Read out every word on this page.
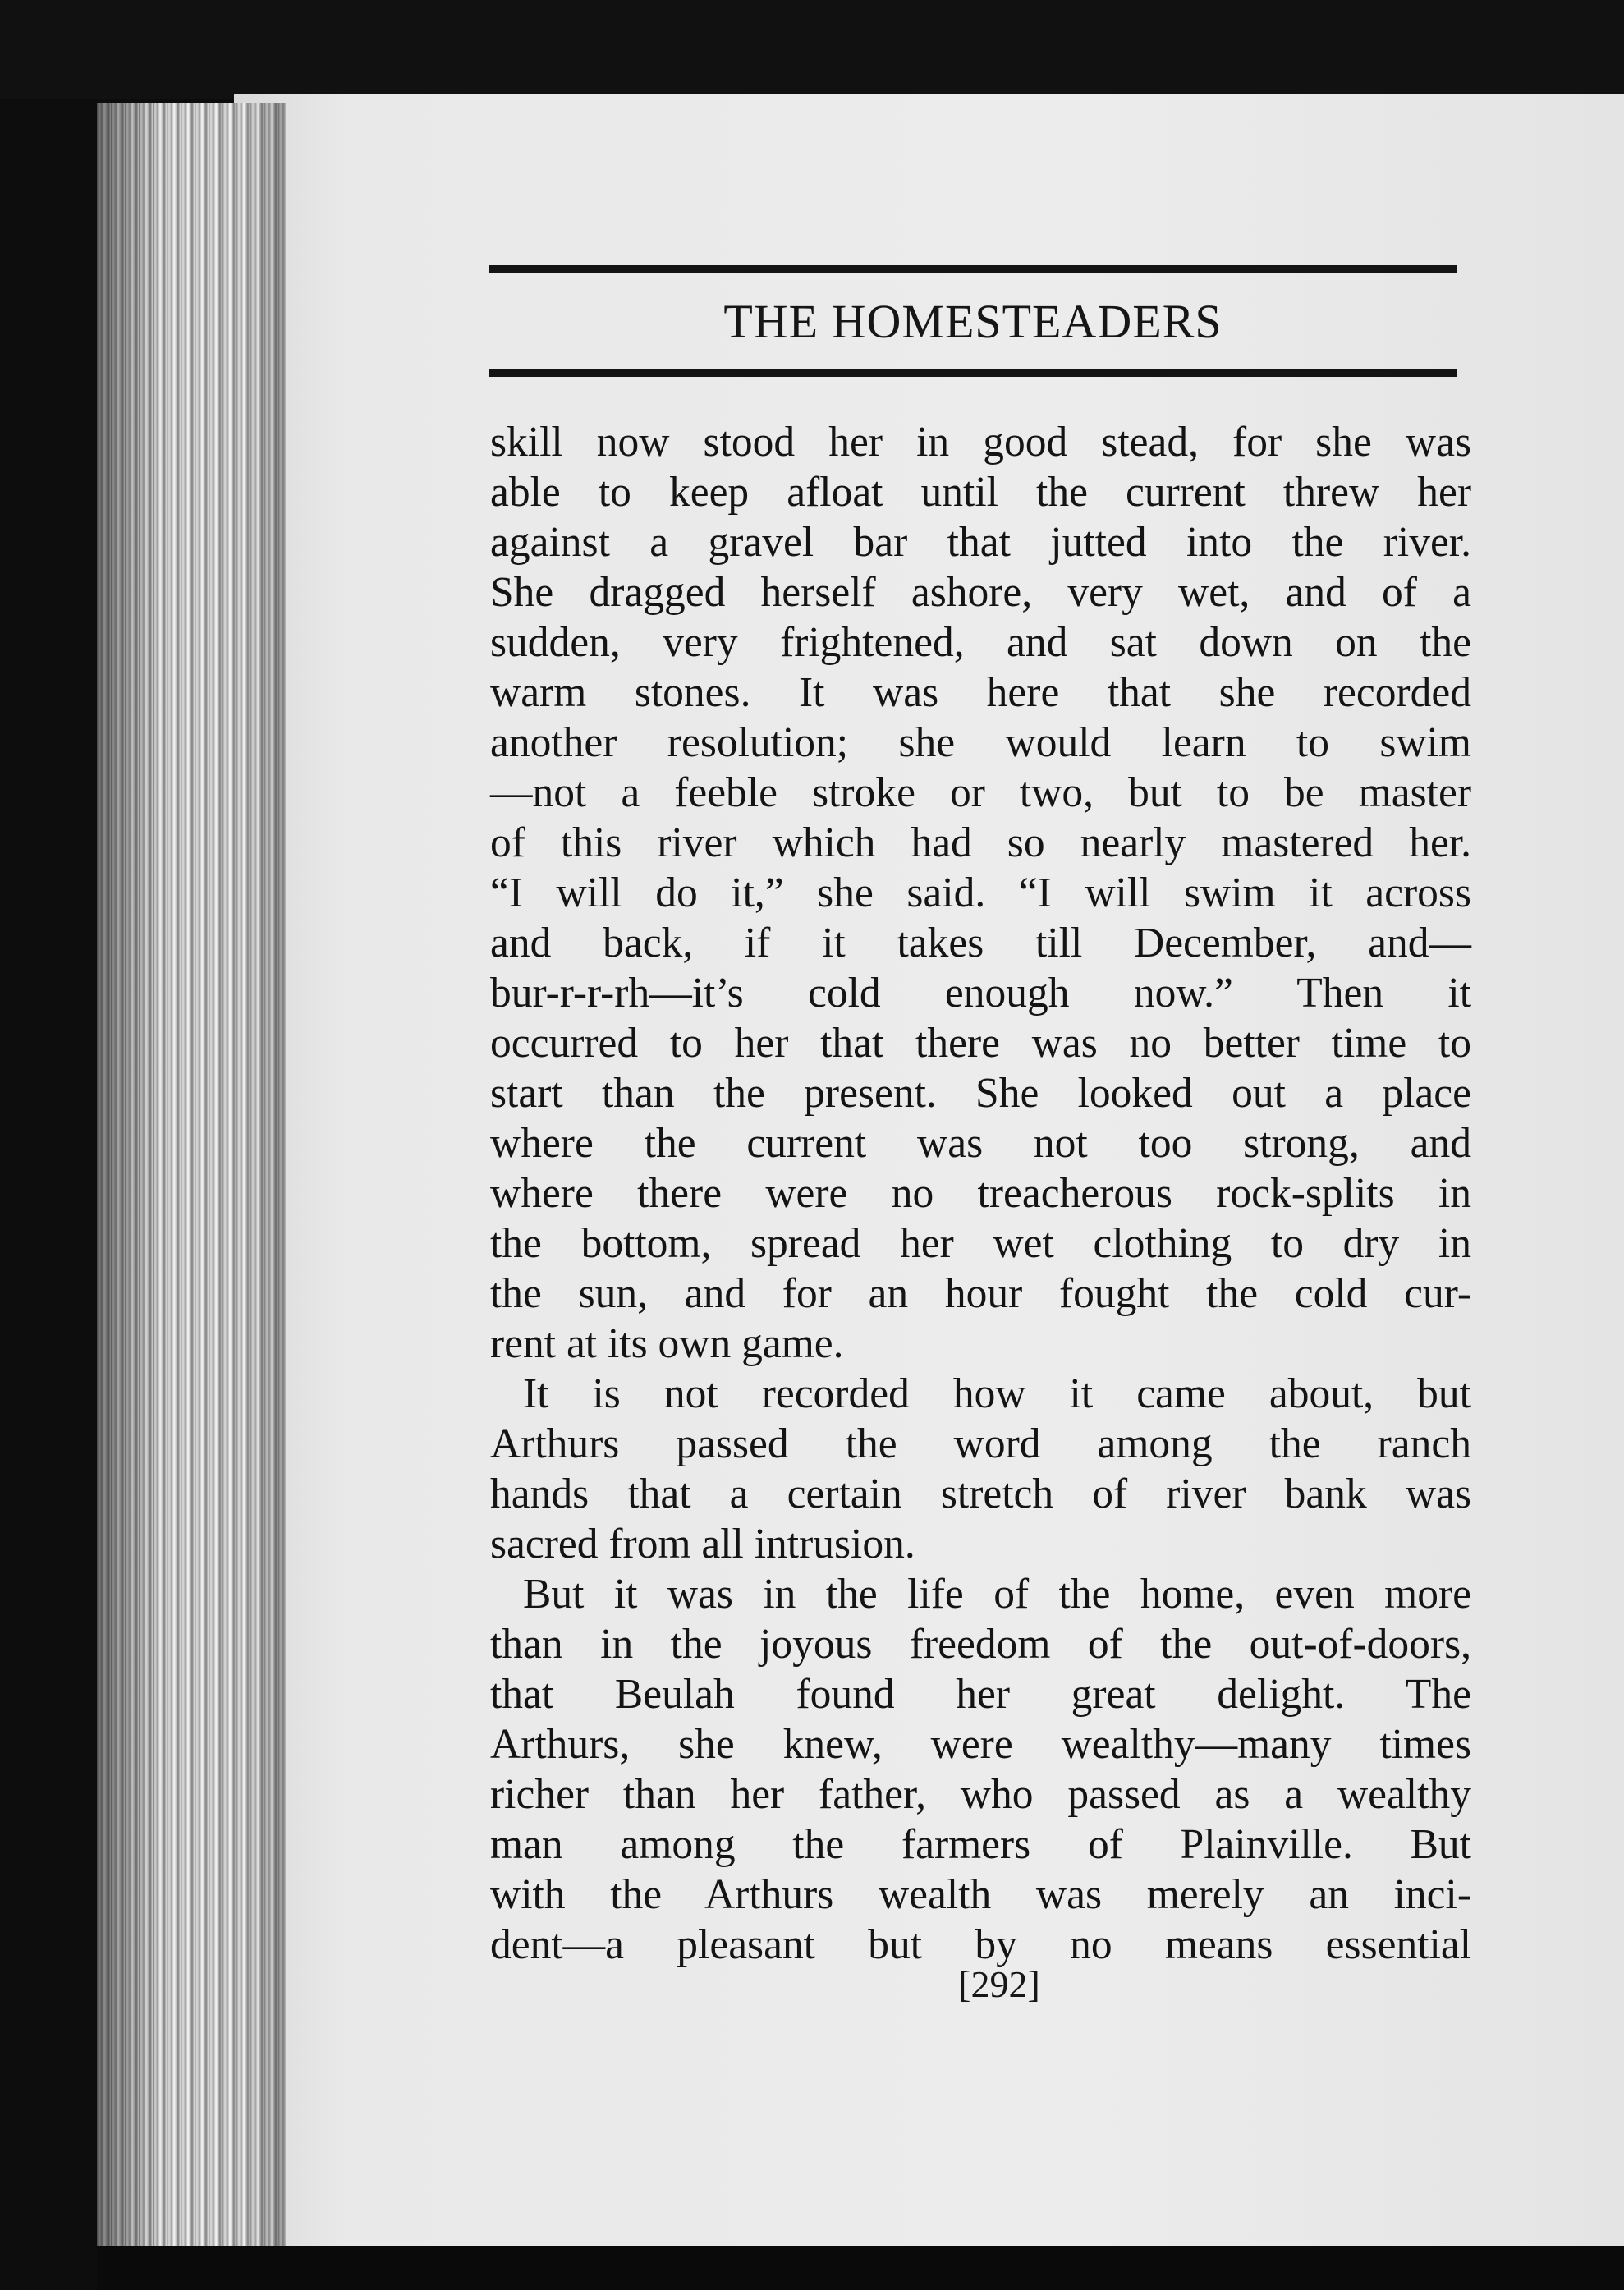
THE HOMESTEADERS
skill now stood her in good stead, for she was
able to keep afloat until the current threw her
against a gravel bar that jutted into the river.
She dragged herself ashore, very wet, and of a
sudden, very frightened, and sat down on the
warm stones. It was here that she recorded
another resolution; she would learn to swim
—not a feeble stroke or two, but to be master
of this river which had so nearly mastered her.
“I will do it,” she said. “I will swim it across
and back, if it takes till December, and—
bur-r-r-rh—it’s cold enough now.” Then it
occurred to her that there was no better time to
start than the present. She looked out a place
where the current was not too strong, and
where there were no treacherous rock-splits in
the bottom, spread her wet clothing to dry in
the sun, and for an hour fought the cold cur-
rent at its own game.
It is not recorded how it came about, but
Arthurs passed the word among the ranch
hands that a certain stretch of river bank was
sacred from all intrusion.
But it was in the life of the home, even more
than in the joyous freedom of the out-of-doors,
that Beulah found her great delight. The
Arthurs, she knew, were wealthy—many times
richer than her father, who passed as a wealthy
man among the farmers of Plainville. But
with the Arthurs wealth was merely an inci-
dent—a pleasant but by no means essential
[292]
